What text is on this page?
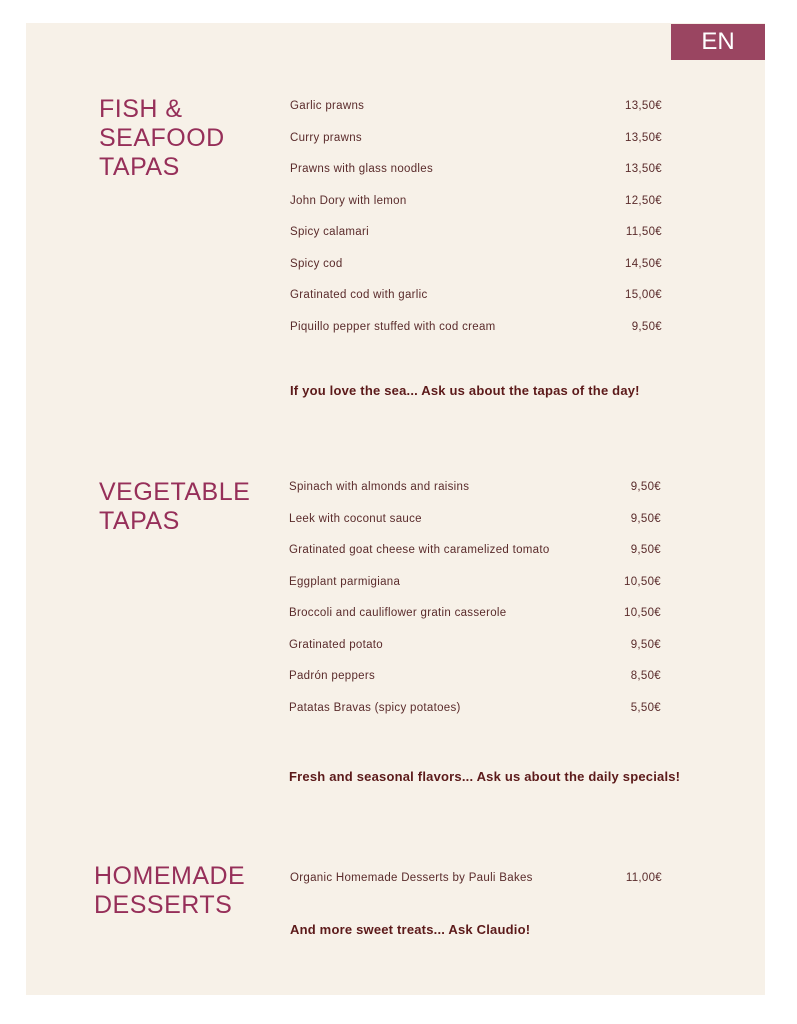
EN
FISH &
SEAFOOD
TAPAS
Garlic prawns	13,50€
Curry prawns	13,50€
Prawns with glass noodles	13,50€
John Dory with lemon	12,50€
Spicy calamari	11,50€
Spicy cod	14,50€
Gratinated cod with garlic	15,00€
Piquillo pepper stuffed with cod cream	9,50€
If you love the sea... Ask us about the tapas of the day!
VEGETABLE
TAPAS
Spinach with almonds and raisins	9,50€
Leek with coconut sauce	9,50€
Gratinated goat cheese with caramelized tomato	9,50€
Eggplant parmigiana	10,50€
Broccoli and cauliflower gratin casserole	10,50€
Gratinated potato	9,50€
Padrón peppers	8,50€
Patatas Bravas (spicy potatoes)	5,50€
Fresh and seasonal flavors... Ask us about the daily specials!
HOMEMADE
DESSERTS
Organic Homemade Desserts by Pauli Bakes	11,00€
And more sweet treats... Ask Claudio!
